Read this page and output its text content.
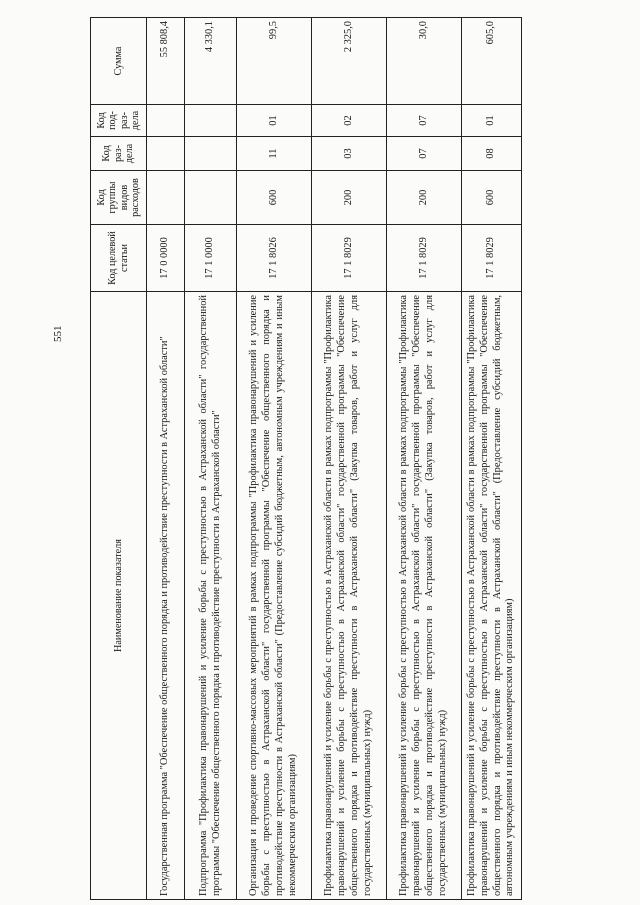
551
Наименование показателя	Код целевой статьи	Код группы видов расходов	Код раз-дела	Код под-раз-дела	Сумма
Государственная программа "Обеспечение общественного порядка и противодействие преступности в Астраханской области"	17 0 0000				55 808,4
Подпрограмма "Профилактика правонарушений и усиление борьбы с преступностью в Астраханской области" государственной программы "Обеспечение общественного порядка и противодействие преступности в Астраханской области"	17 1 0000				4 330,1
Организация и проведение спортивно-массовых мероприятий в рамках подпрограммы "Профилактика правонарушений и усиление борьбы с преступностью в Астраханской области" государственной программы "Обеспечение общественного порядка и противодействие преступности в Астраханской области" (Предоставление субсидий бюджетным, автономным учреждениям и иным некоммерческим организациям)	17 1 8026	600	11	01	99,5
Профилактика правонарушений и усиление борьбы с преступностью в Астраханской области в рамках подпрограммы "Профилактика правонарушений и усиление борьбы с преступностью в Астраханской области" государственной программы "Обеспечение общественного порядка и противодействие преступности в Астраханской области" (Закупка товаров, работ и услуг для государственных (муниципальных) нужд)	17 1 8029	200	03	02	2 325,0
Профилактика правонарушений и усиление борьбы с преступностью в Астраханской области в рамках подпрограммы "Профилактика правонарушений и усиление борьбы с преступностью в Астраханской области" государственной программы "Обеспечение общественного порядка и противодействие преступности в Астраханской области" (Закупка товаров, работ и услуг для государственных (муниципальных) нужд)	17 1 8029	200	07	07	30,0
Профилактика правонарушений и усиление борьбы с преступностью в Астраханской области в рамках подпрограммы "Профилактика правонарушений и усиление борьбы с преступностью в Астраханской области" государственной программы "Обеспечение общественного порядка и противодействие преступности в Астраханской области" (Предоставление субсидий бюджетным, автономным учреждениям и иным некоммерческим организациям)	17 1 8029	600	08	01	605,0
